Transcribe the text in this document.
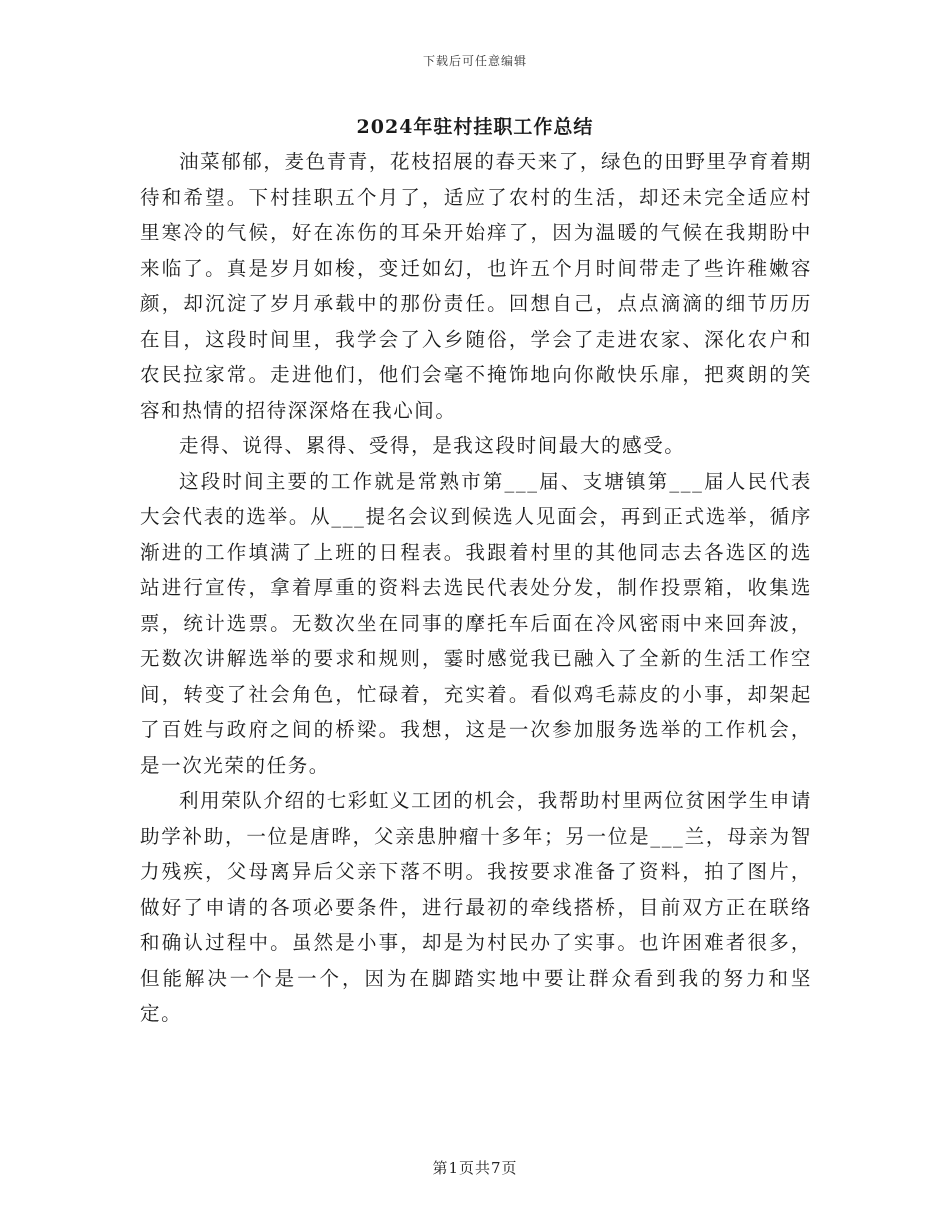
下载后可任意编辑
2024年驻村挂职工作总结

油菜郁郁，麦色青青，花枝招展的春天来了，绿色的田野里孕育着期待和希望。下村挂职五个月了，适应了农村的生活，却还未完全适应村里寒冷的气候，好在冻伤的耳朵开始痒了，因为温暖的气候在我期盼中来临了。真是岁月如梭，变迁如幻，也许五个月时间带走了些许稚嫩容颜，却沉淀了岁月承载中的那份责任。回想自己，点点滴滴的细节历历在目，这段时间里，我学会了入乡随俗，学会了走进农家、深化农户和农民拉家常。走进他们，他们会毫不掩饰地向你敞快乐扉，把爽朗的笑容和热情的招待深深烙在我心间。

走得、说得、累得、受得，是我这段时间最大的感受。

这段时间主要的工作就是常熟市第___届、支塘镇第___届人民代表大会代表的选举。从___提名会议到候选人见面会，再到正式选举，循序渐进的工作填满了上班的日程表。我跟着村里的其他同志去各选区的选站进行宣传，拿着厚重的资料去选民代表处分发，制作投票箱，收集选票，统计选票。无数次坐在同事的摩托车后面在冷风密雨中来回奔波，无数次讲解选举的要求和规则，霎时感觉我已融入了全新的生活工作空间，转变了社会角色，忙碌着，充实着。看似鸡毛蒜皮的小事，却架起了百姓与政府之间的桥梁。我想，这是一次参加服务选举的工作机会，是一次光荣的任务。

利用荣队介绍的七彩虹义工团的机会，我帮助村里两位贫困学生申请助学补助，一位是唐晔，父亲患肿瘤十多年；另一位是___兰，母亲为智力残疾，父母离异后父亲下落不明。我按要求准备了资料，拍了图片，做好了申请的各项必要条件，进行最初的牵线搭桥，目前双方正在联络和确认过程中。虽然是小事，却是为村民办了实事。也许困难者很多，但能解决一个是一个，因为在脚踏实地中要让群众看到我的努力和坚定。

第1页共7页
